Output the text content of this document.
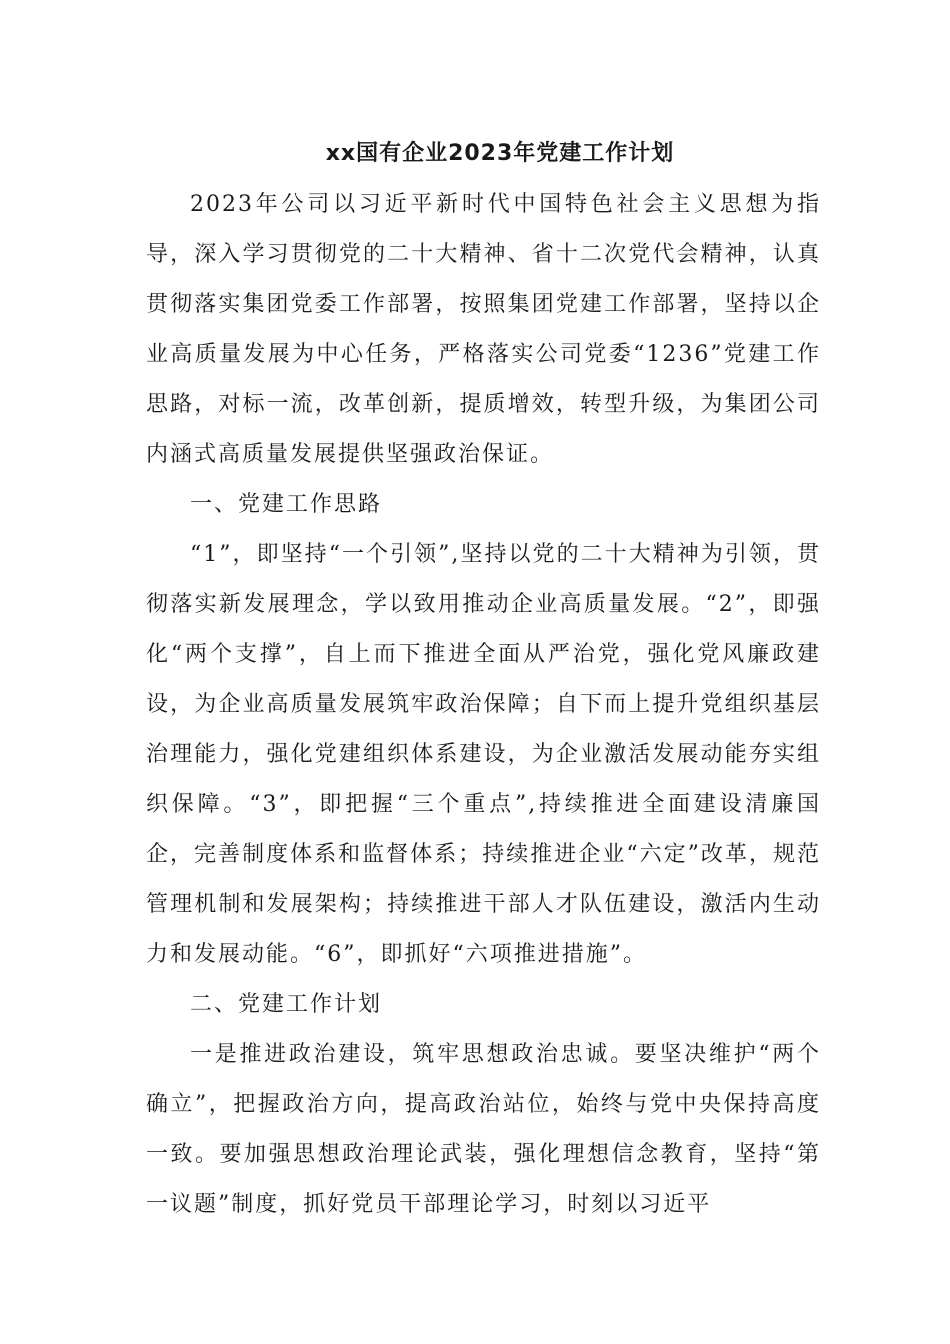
xx国有企业2023年党建工作计划

2023年公司以习近平新时代中国特色社会主义思想为指导，深入学习贯彻党的二十大精神、省十二次党代会精神，认真贯彻落实集团党委工作部署，按照集团党建工作部署，坚持以企业高质量发展为中心任务，严格落实公司党委“1236”党建工作思路，对标一流，改革创新，提质增效，转型升级，为集团公司内涵式高质量发展提供坚强政治保证。

一、党建工作思路

“1”，即坚持“一个引领”,坚持以党的二十大精神为引领，贯彻落实新发展理念，学以致用推动企业高质量发展。“2”，即强化“两个支撑”，自上而下推进全面从严治党，强化党风廉政建设，为企业高质量发展筑牢政治保障；自下而上提升党组织基层治理能力，强化党建组织体系建设，为企业激活发展动能夯实组织保障。“3”，即把握“三个重点”,持续推进全面建设清廉国企，完善制度体系和监督体系；持续推进企业“六定”改革，规范管理机制和发展架构；持续推进干部人才队伍建设，激活内生动力和发展动能。“6”，即抓好“六项推进措施”。

二、党建工作计划

一是推进政治建设，筑牢思想政治忠诚。要坚决维护“两个确立”，把握政治方向，提高政治站位，始终与党中央保持高度一致。要加强思想政治理论武装，强化理想信念教育，坚持“第一议题”制度，抓好党员干部理论学习，时刻以习近平
